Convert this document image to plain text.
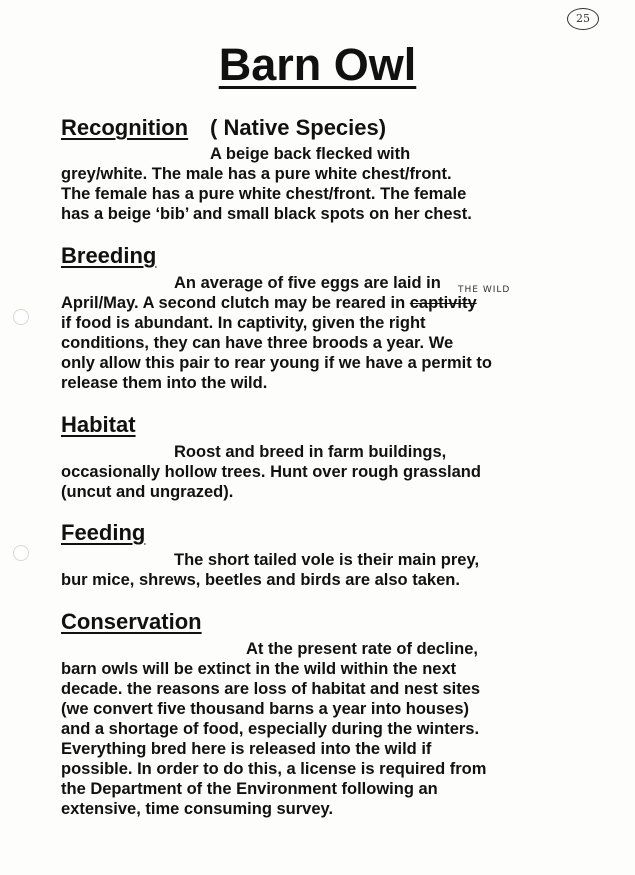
25
Barn Owl
Recognition ( Native Species)
A beige back flecked with
grey/white. The male has a pure white chest/front.
The female has a pure white chest/front. The female
has a beige ‘bib’ and small black spots on her chest.
Breeding
An average of five eggs are laid in THE WILD
April/May. A second clutch may be reared in captivity
if food is abundant. In captivity, given the right
conditions, they can have three broods a year. We
only allow this pair to rear young if we have a permit to
release them into the wild.
Habitat
Roost and breed in farm buildings,
occasionally hollow trees. Hunt over rough grassland
(uncut and ungrazed).
Feeding
The short tailed vole is their main prey,
bur mice, shrews, beetles and birds are also taken.
Conservation
At the present rate of decline,
barn owls will be extinct in the wild within the next
decade. the reasons are loss of habitat and nest sites
(we convert five thousand barns a year into houses)
and a shortage of food, especially during the winters.
Everything bred here is released into the wild if
possible. In order to do this, a license is required from
the Department of the Environment following an
extensive, time consuming survey.
